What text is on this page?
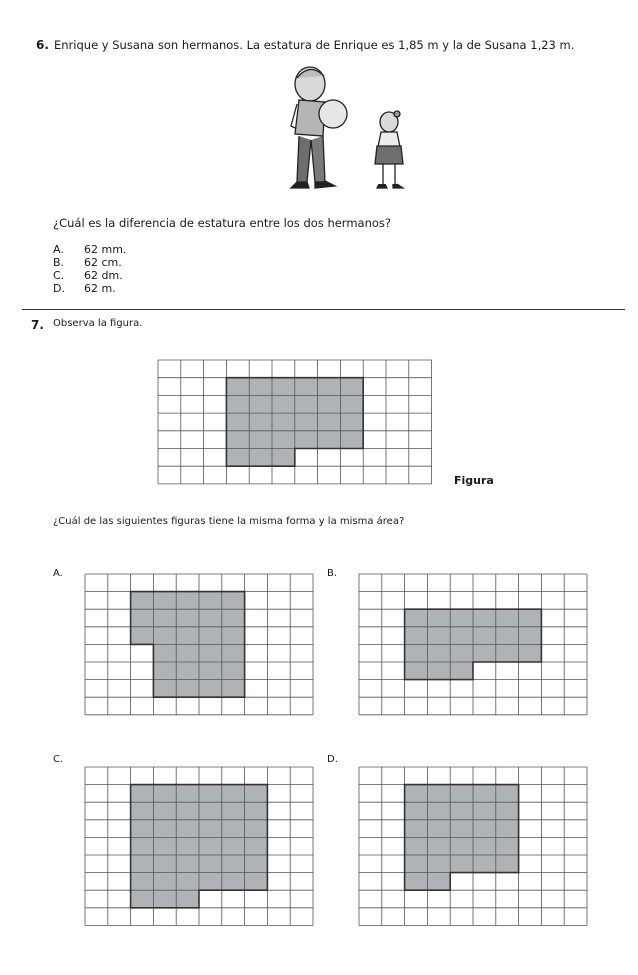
6. Enrique y Susana son hermanos. La estatura de Enrique es 1,85 m y la de Susana 1,23 m.
¿Cuál es la diferencia de estatura entre los dos hermanos?
A. 62 mm.
B. 62 cm.
C. 62 dm.
D. 62 m.
7. Observa la figura.
Figura
¿Cuál de las siguientes figuras tiene la misma forma y la misma área?
A.	B.
C.	D.
